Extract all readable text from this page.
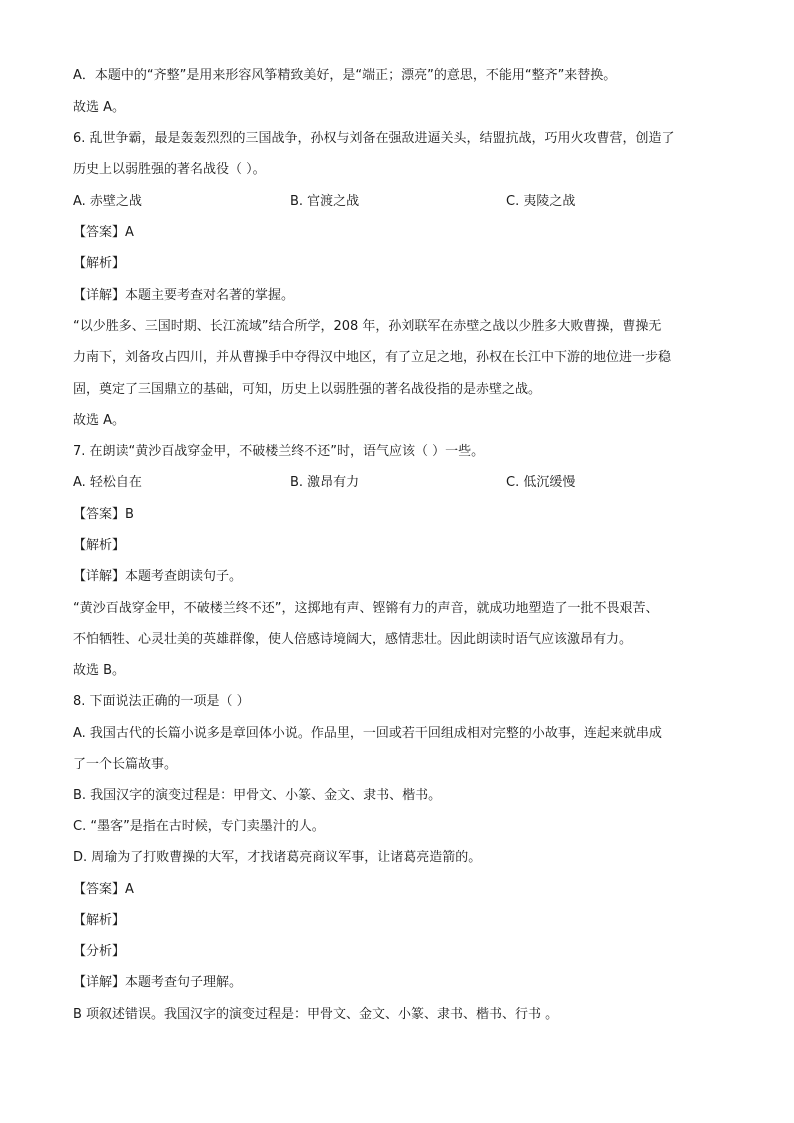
A．本题中的“齐整”是用来形容风筝精致美好，是“端正；漂亮”的意思，不能用“整齐”来替换。
故选 A。
6. 乱世争霸，最是轰轰烈烈的三国战争，孙权与刘备在强敌进逼关头，结盟抗战，巧用火攻曹营，创造了
历史上以弱胜强的著名战役（ ）。
A. 赤壁之战	B. 官渡之战	C. 夷陵之战
【答案】A
【解析】
【详解】本题主要考查对名著的掌握。
“以少胜多、三国时期、长江流域”结合所学，208 年，孙刘联军在赤壁之战以少胜多大败曹操，曹操无
力南下，刘备攻占四川，并从曹操手中夺得汉中地区，有了立足之地，孙权在长江中下游的地位进一步稳
固，奠定了三国鼎立的基础，可知，历史上以弱胜强的著名战役指的是赤壁之战。
故选 A。
7. 在朗读“黄沙百战穿金甲，不破楼兰终不还”时，语气应该（ ）一些。
A. 轻松自在	B. 激昂有力	C. 低沉缓慢
【答案】B
【解析】
【详解】本题考查朗读句子。
“黄沙百战穿金甲，不破楼兰终不还”，这掷地有声、铿锵有力的声音，就成功地塑造了一批不畏艰苦、
不怕牺牲、心灵壮美的英雄群像，使人倍感诗境阔大，感情悲壮。因此朗读时语气应该激昂有力。
故选 B。
8. 下面说法正确的一项是（ ）
A. 我国古代的长篇小说多是章回体小说。作品里，一回或若干回组成相对完整的小故事，连起来就串成
了一个长篇故事。
B. 我国汉字的演变过程是：甲骨文、小篆、金文、隶书、楷书。
C. “墨客”是指在古时候，专门卖墨汁的人。
D. 周瑜为了打败曹操的大军，才找诸葛亮商议军事，让诸葛亮造箭的。
【答案】A
【解析】
【分析】
【详解】本题考查句子理解。
B 项叙述错误。我国汉字的演变过程是：甲骨文、金文、小篆、隶书、楷书、行书 。
